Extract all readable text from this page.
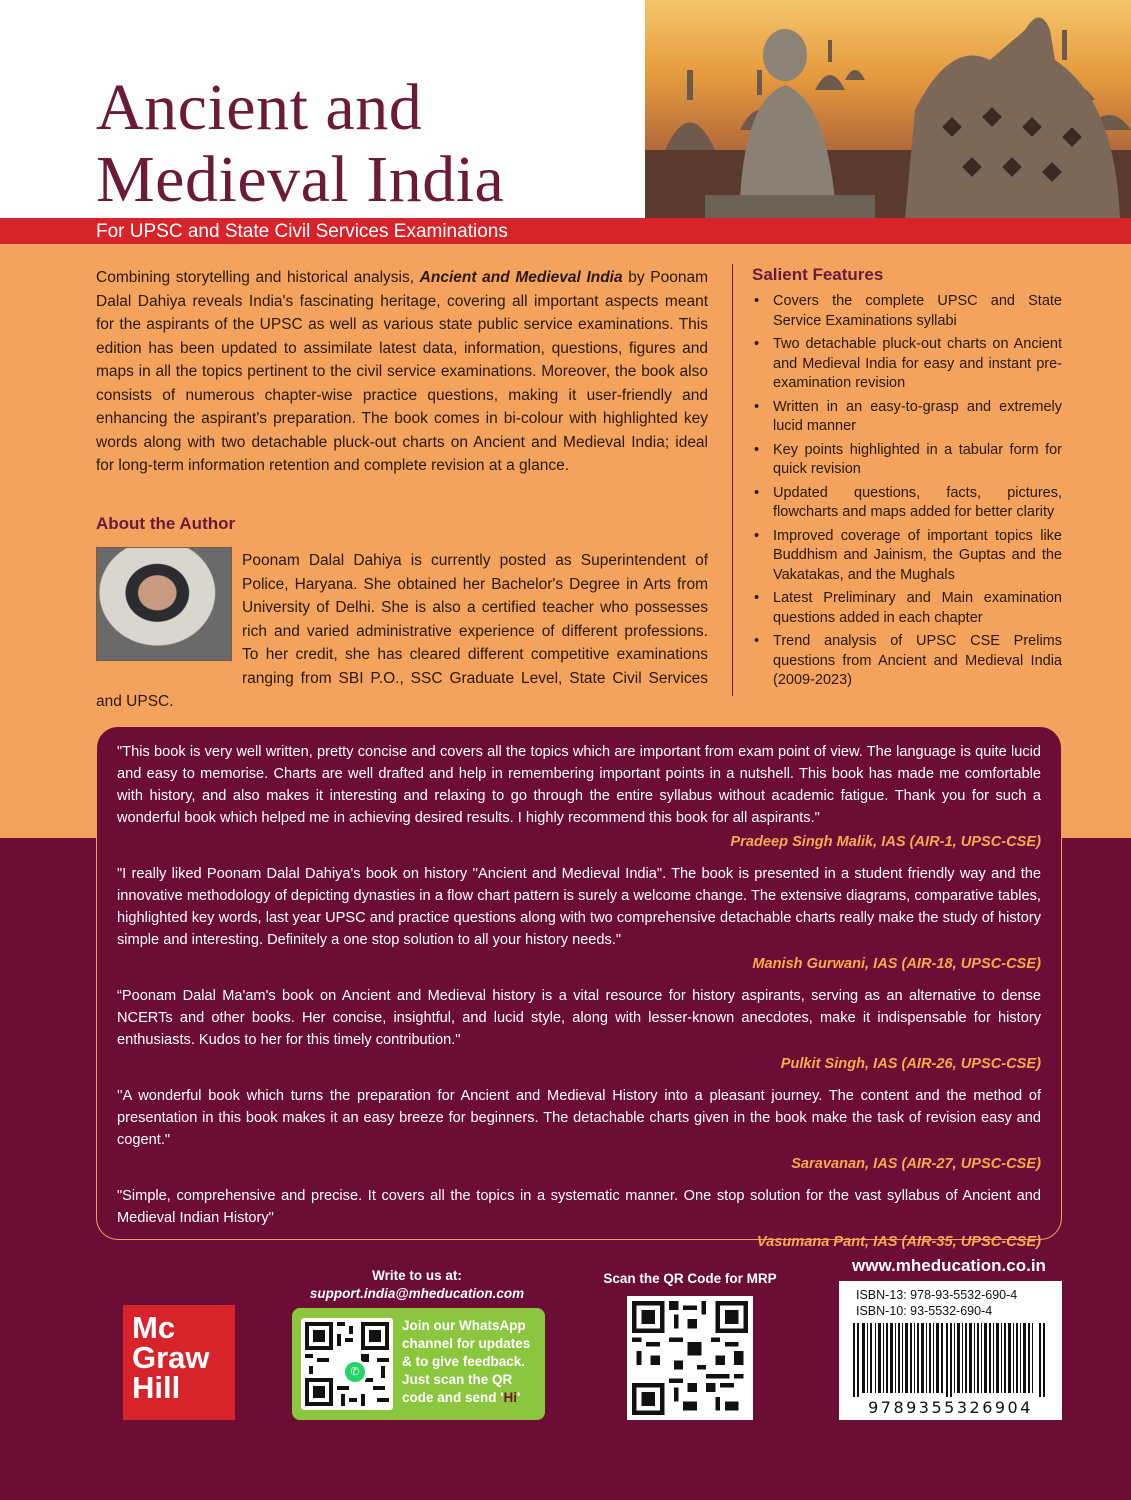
Ancient and
Medieval India
For UPSC and State Civil Services Examinations

Combining storytelling and historical analysis, Ancient and Medieval India by Poonam Dalal Dahiya reveals India's fascinating heritage, covering all important aspects meant for the aspirants of the UPSC as well as various state public service examinations. This edition has been updated to assimilate latest data, information, questions, figures and maps in all the topics pertinent to the civil service examinations. Moreover, the book also consists of numerous chapter-wise practice questions, making it user-friendly and enhancing the aspirant's preparation. The book comes in bi-colour with highlighted key words along with two detachable pluck-out charts on Ancient and Medieval India; ideal for long-term information retention and complete revision at a glance.

About the Author

Poonam Dalal Dahiya is currently posted as Superintendent of Police, Haryana. She obtained her Bachelor's Degree in Arts from University of Delhi. She is also a certified teacher who possesses rich and varied administrative experience of different professions. To her credit, she has cleared different competitive examinations ranging from SBI P.O., SSC Graduate Level, State Civil Services and UPSC.

Salient Features
• Covers the complete UPSC and State Service Examinations syllabi
• Two detachable pluck-out charts on Ancient and Medieval India for easy and instant pre-examination revision
• Written in an easy-to-grasp and extremely lucid manner
• Key points highlighted in a tabular form for quick revision
• Updated questions, facts, pictures, flowcharts and maps added for better clarity
• Improved coverage of important topics like Buddhism and Jainism, the Guptas and the Vakatakas, and the Mughals
• Latest Preliminary and Main examination questions added in each chapter
• Trend analysis of UPSC CSE Prelims questions from Ancient and Medieval India (2009-2023)

"This book is very well written, pretty concise and covers all the topics which are important from exam point of view. The language is quite lucid and easy to memorise. Charts are well drafted and help in remembering important points in a nutshell. This book has made me comfortable with history, and also makes it interesting and relaxing to go through the entire syllabus without academic fatigue. Thank you for such a wonderful book which helped me in achieving desired results. I highly recommend this book for all aspirants."

Pradeep Singh Malik, IAS (AIR-1, UPSC-CSE)

"I really liked Poonam Dalal Dahiya's book on history ''Ancient and Medieval India". The book is presented in a student friendly way and the innovative methodology of depicting dynasties in a flow chart pattern is surely a welcome change. The extensive diagrams, comparative tables, highlighted key words, last year UPSC and practice questions along with two comprehensive detachable charts really make the study of history simple and interesting. Definitely a one stop solution to all your history needs."

Manish Gurwani, IAS (AIR-18, UPSC-CSE)

“Poonam Dalal Ma'am's book on Ancient and Medieval history is a vital resource for history aspirants, serving as an alternative to dense NCERTs and other books. Her concise, insightful, and lucid style, along with lesser-known anecdotes, make it indispensable for history enthusiasts. Kudos to her for this timely contribution."

Pulkit Singh, IAS (AIR-26, UPSC-CSE)

''A wonderful book which turns the preparation for Ancient and Medieval History into a pleasant journey. The content and the method of presentation in this book makes it an easy breeze for beginners. The detachable charts given in the book make the task of revision easy and cogent."

Saravanan, IAS (AIR-27, UPSC-CSE)

"Simple, comprehensive and precise. It covers all the topics in a systematic manner. One stop solution for the vast syllabus of Ancient and Medieval Indian History"

Vasumana Pant, IAS (AIR-35, UPSC-CSE)

Mc
Graw
Hill

Write to us at:

support.india@mheducation.com

✆

Join our WhatsApp channel for updates & to give feedback. Just scan the QR code and send 'Hi'

Scan the QR Code for MRP

www.mheducation.co.in

ISBN-13: 978-93-5532-690-4

ISBN-10: 93-5532-690-4

9789355326904
